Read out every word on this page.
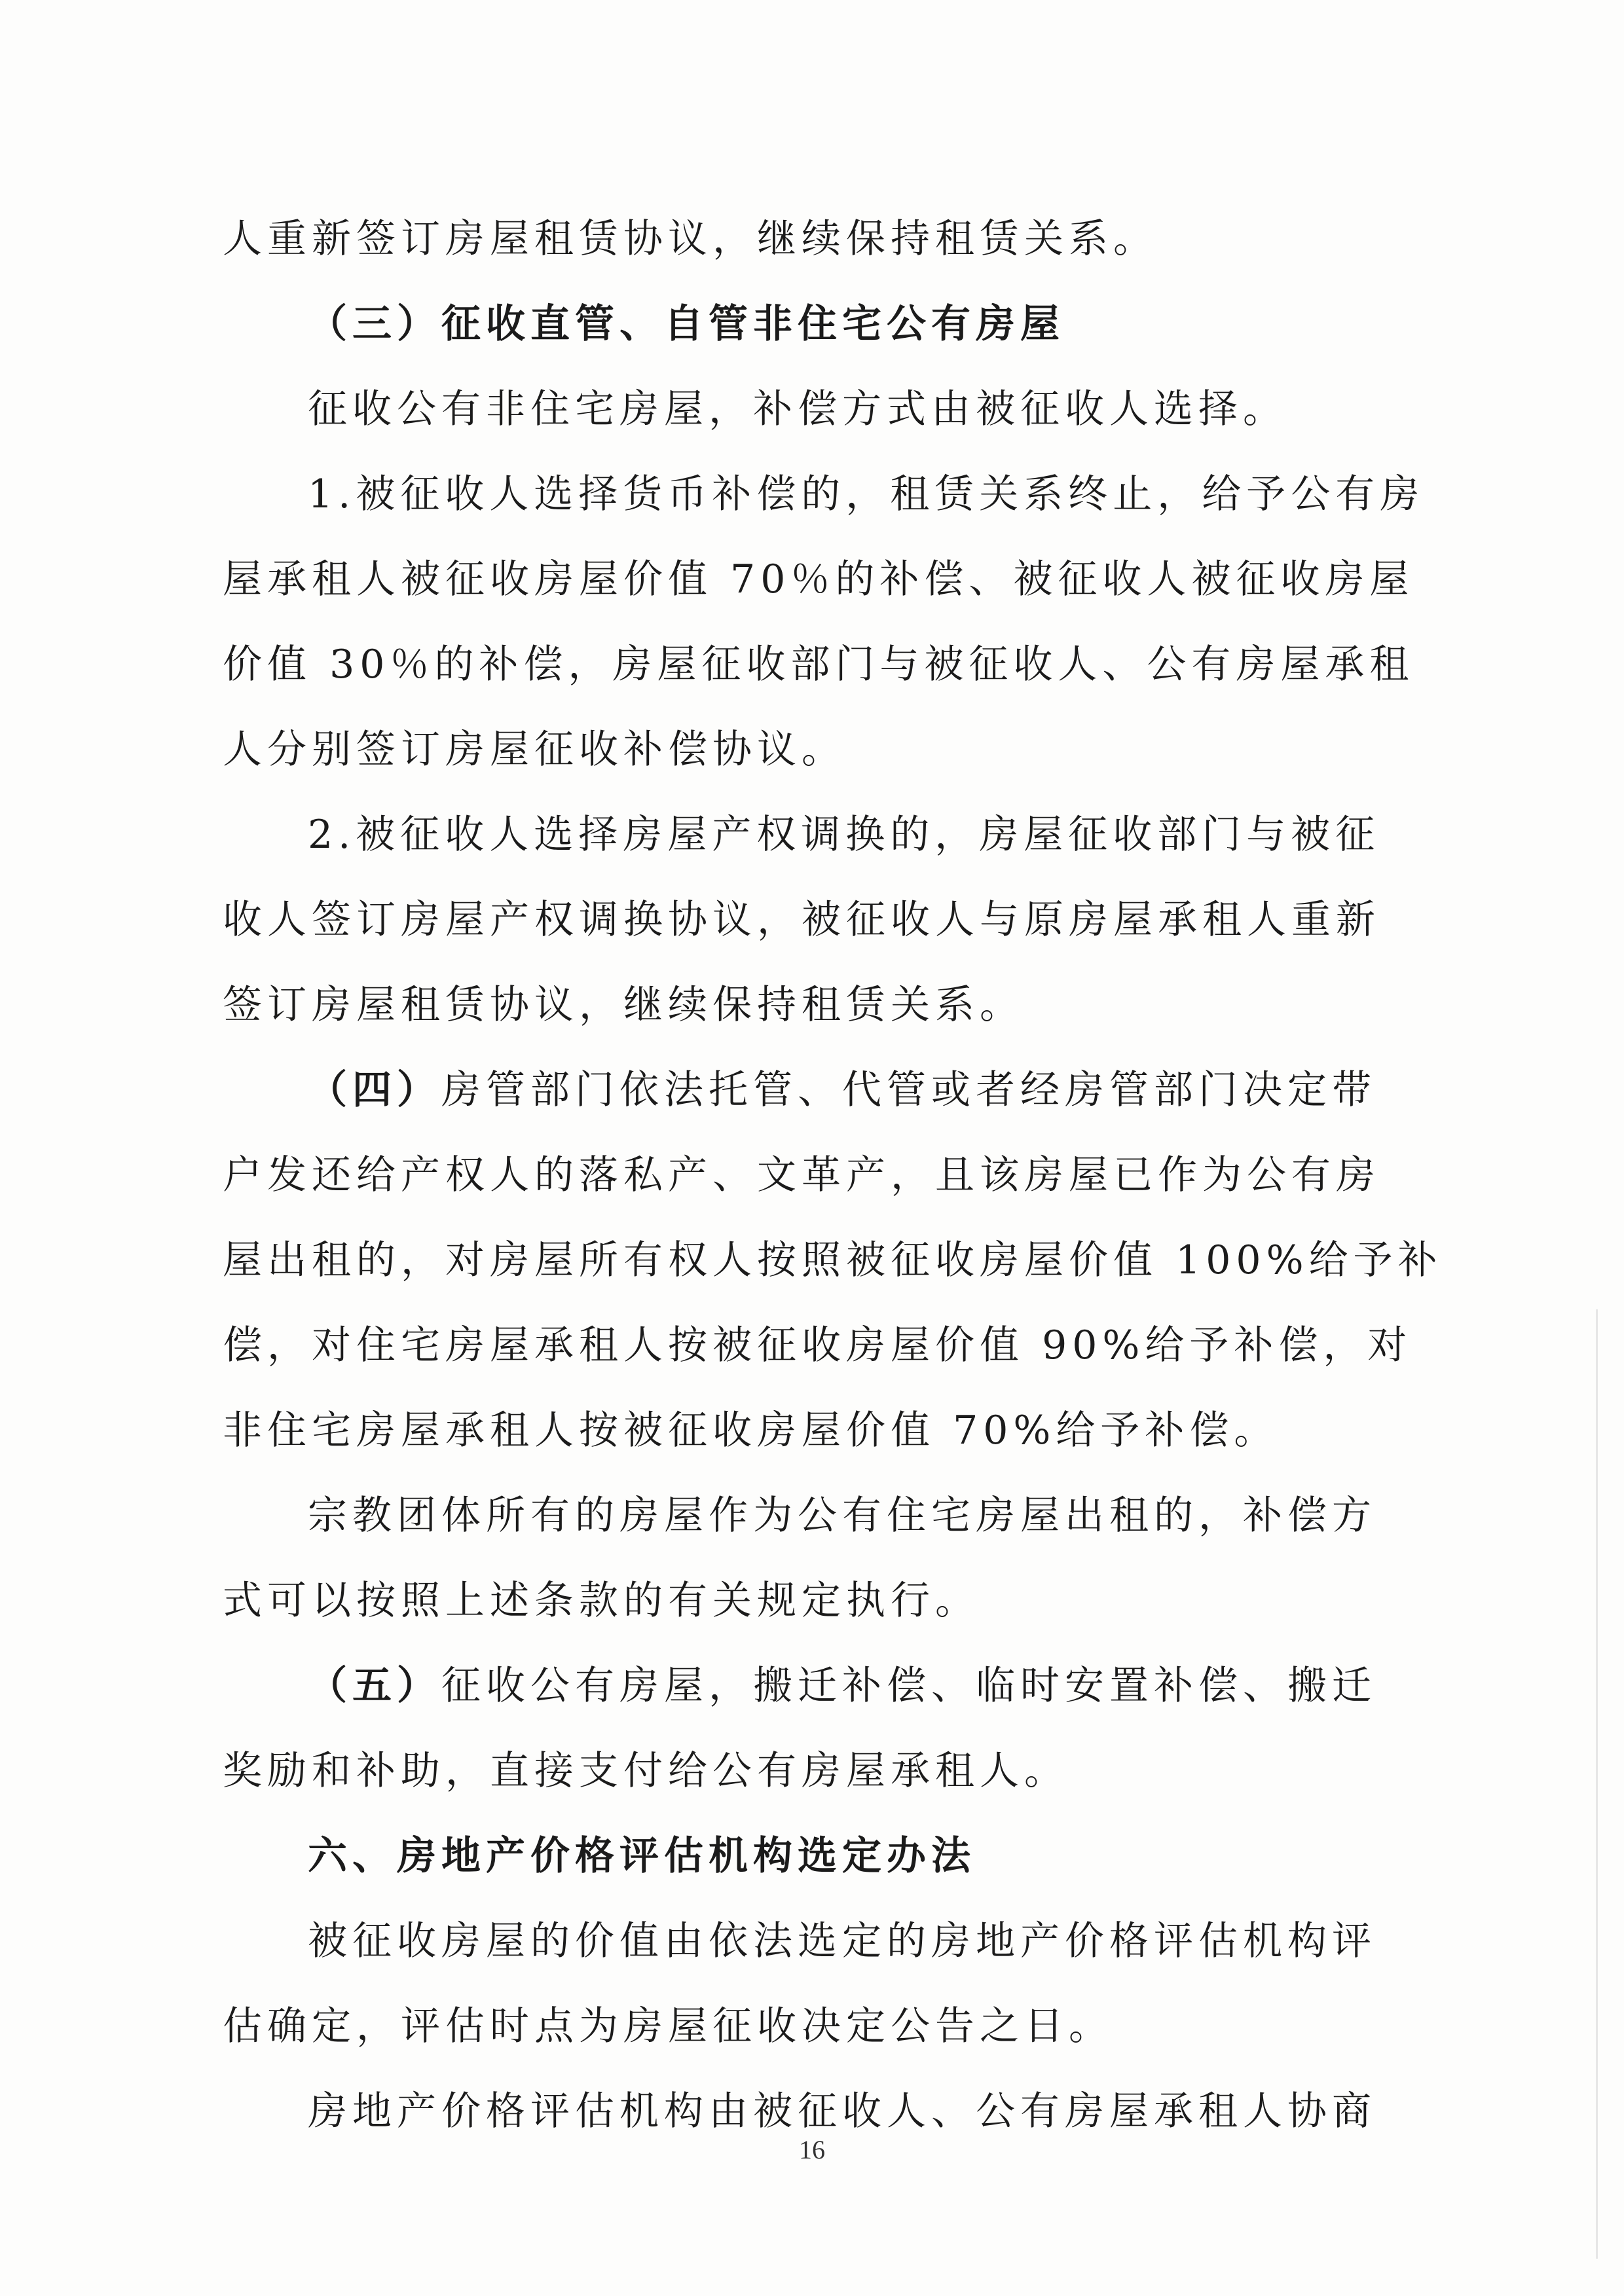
人重新签订房屋租赁协议，继续保持租赁关系。
（三）征收直管、自管非住宅公有房屋
征收公有非住宅房屋，补偿方式由被征收人选择。
1.被征收人选择货币补偿的，租赁关系终止，给予公有房
屋承租人被征收房屋价值 70％的补偿、被征收人被征收房屋
价值 30％的补偿，房屋征收部门与被征收人、公有房屋承租
人分别签订房屋征收补偿协议。
2.被征收人选择房屋产权调换的，房屋征收部门与被征
收人签订房屋产权调换协议，被征收人与原房屋承租人重新
签订房屋租赁协议，继续保持租赁关系。
（四）房管部门依法托管、代管或者经房管部门决定带
户发还给产权人的落私产、文革产，且该房屋已作为公有房
屋出租的，对房屋所有权人按照被征收房屋价值 100%给予补
偿，对住宅房屋承租人按被征收房屋价值 90%给予补偿，对
非住宅房屋承租人按被征收房屋价值 70%给予补偿。
宗教团体所有的房屋作为公有住宅房屋出租的，补偿方
式可以按照上述条款的有关规定执行。
（五）征收公有房屋，搬迁补偿、临时安置补偿、搬迁
奖励和补助，直接支付给公有房屋承租人。
六、房地产价格评估机构选定办法
被征收房屋的价值由依法选定的房地产价格评估机构评
估确定，评估时点为房屋征收决定公告之日。
房地产价格评估机构由被征收人、公有房屋承租人协商
16
